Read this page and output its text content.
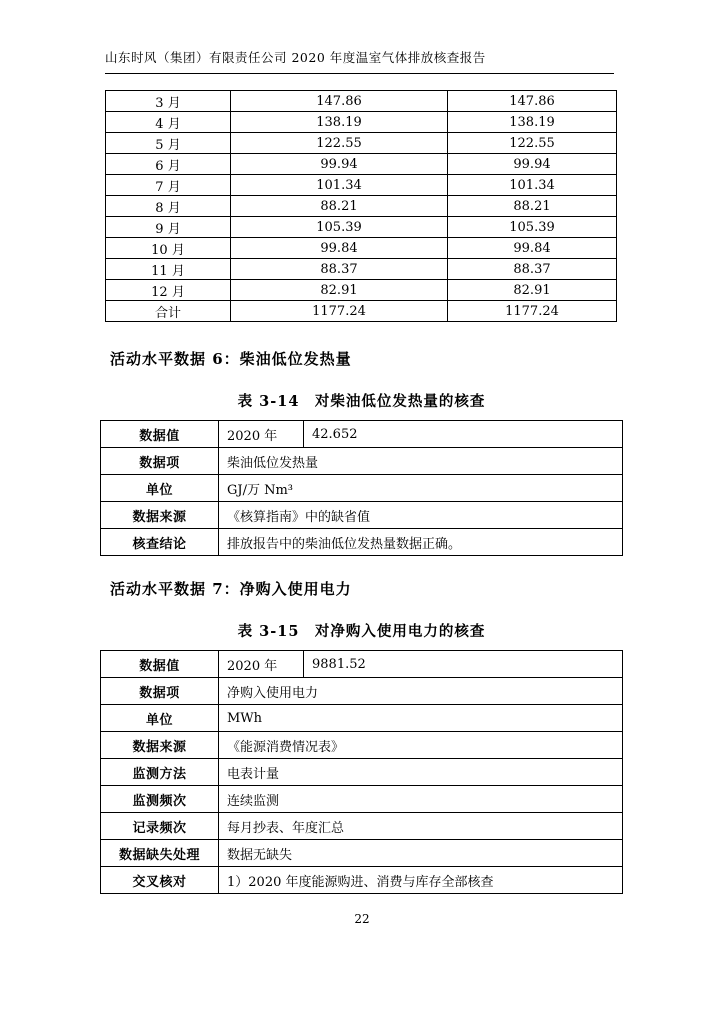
山东时风（集团）有限责任公司 2020 年度温室气体排放核查报告
3 月	147.86	147.86
4 月	138.19	138.19
5 月	122.55	122.55
6 月	99.94	99.94
7 月	101.34	101.34
8 月	88.21	88.21
9 月	105.39	105.39
10 月	99.84	99.84
11 月	88.37	88.37
12 月	82.91	82.91
合计	1177.24	1177.24
活动水平数据 6：柴油低位发热量
表 3-14　对柴油低位发热量的核查
数据值	2020 年	42.652
数据项	柴油低位发热量	
单位	GJ/万 Nm³	
数据来源	《核算指南》中的缺省值	
核查结论	排放报告中的柴油低位发热量数据正确。	
活动水平数据 7：净购入使用电力
表 3-15　对净购入使用电力的核查
数据值	2020 年	9881.52
数据项	净购入使用电力	
单位	MWh	
数据来源	《能源消费情况表》	
监测方法	电表计量	
监测频次	连续监测	
记录频次	每月抄表、年度汇总	
数据缺失处理	数据无缺失	
交叉核对	1）2020 年度能源购进、消费与库存全部核查	
22
